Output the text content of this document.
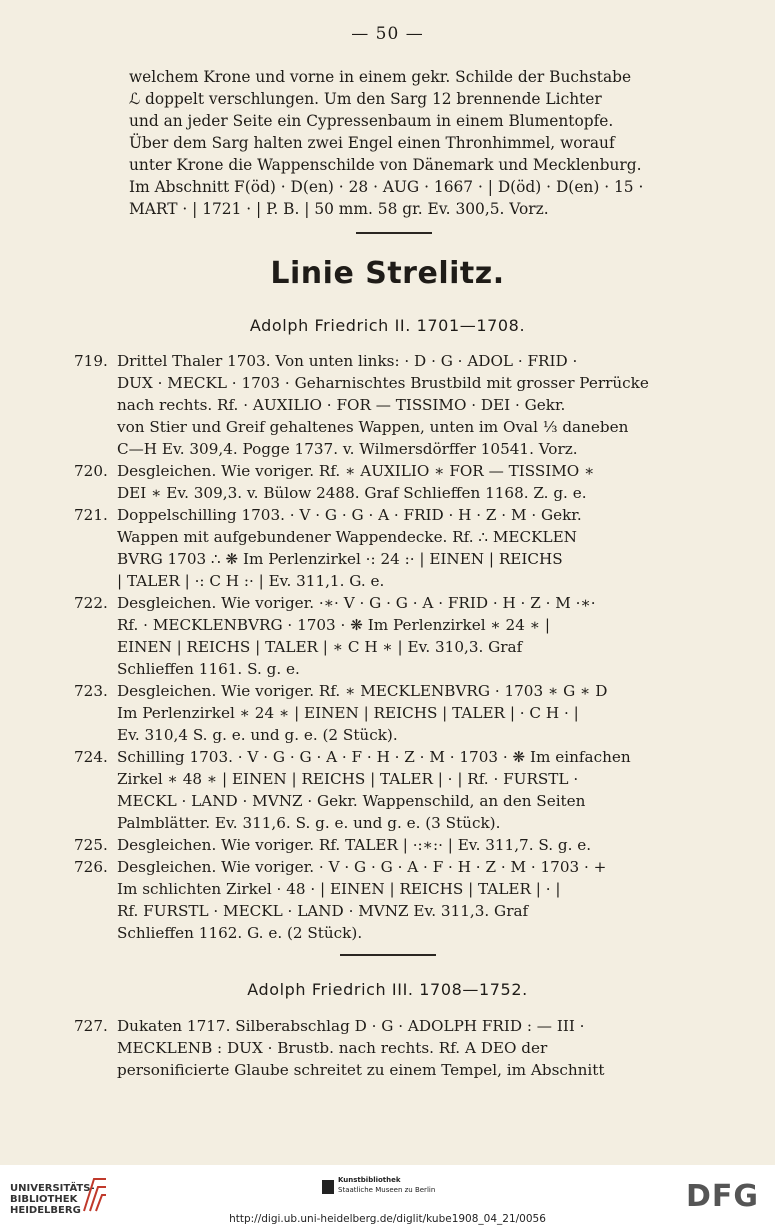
— 50 —
welchem Krone und vorne in einem gekr. Schilde der Buchstabe
ℒ doppelt verschlungen. Um den Sarg 12 brennende Lichter
und an jeder Seite ein Cypressenbaum in einem Blumentopfe.
Über dem Sarg halten zwei Engel einen Thronhimmel, worauf
unter Krone die Wappenschilde von Dänemark und Mecklenburg.
Im Abschnitt F(öd) · D(en) · 28 · AUG · 1667 · | D(öd) · D(en) · 15 ·
MART · | 1721 · | P. B. | 50 mm. 58 gr. Ev. 300,5. Vorz.
Linie Strelitz.
Adolph Friedrich II. 1701—1708.
719. Drittel Thaler 1703. Von unten links: · D · G · ADOL · FRID ·
DUX · MECKL · 1703 · Geharnischtes Brustbild mit grosser Perrücke
nach rechts. Rf. · AUXILIO · FOR — TISSIMO · DEI · Gekr.
von Stier und Greif gehaltenes Wappen, unten im Oval ⅓ daneben
C—H Ev. 309,4. Pogge 1737. v. Wilmersdörffer 10541. Vorz.
720. Desgleichen. Wie voriger. Rf. ∗ AUXILIO ∗ FOR — TISSIMO ∗
DEI ∗ Ev. 309,3. v. Bülow 2488. Graf Schlieffen 1168. Z. g. e.
721. Doppelschilling 1703. · V · G · G · A · FRID · H · Z · M · Gekr.
Wappen mit aufgebundener Wappendecke. Rf. ∴ MECKLEN
BVRG 1703 ∴ ❋ Im Perlenzirkel ·: 24 :· | EINEN | REICHS
| TALER | ·: C H :· | Ev. 311,1. G. e.
722. Desgleichen. Wie voriger. ·∗· V · G · G · A · FRID · H · Z · M ·∗·
Rf. · MECKLENBVRG · 1703 · ❋ Im Perlenzirkel ∗ 24 ∗ |
EINEN | REICHS | TALER | ∗ C H ∗ | Ev. 310,3. Graf
Schlieffen 1161. S. g. e.
723. Desgleichen. Wie voriger. Rf. ∗ MECKLENBVRG · 1703 ∗ G ∗ D
Im Perlenzirkel ∗ 24 ∗ | EINEN | REICHS | TALER | · C H · |
Ev. 310,4 S. g. e. und g. e. (2 Stück).
724. Schilling 1703. · V · G · G · A · F · H · Z · M · 1703 · ❋ Im einfachen
Zirkel ∗ 48 ∗ | EINEN | REICHS | TALER | · | Rf. · FURSTL ·
MECKL · LAND · MVNZ · Gekr. Wappenschild, an den Seiten
Palmblätter. Ev. 311,6. S. g. e. und g. e. (3 Stück).
725. Desgleichen. Wie voriger. Rf. TALER | ·:∗:· | Ev. 311,7. S. g. e.
726. Desgleichen. Wie voriger. · V · G · G · A · F · H · Z · M · 1703 · +
Im schlichten Zirkel · 48 · | EINEN | REICHS | TALER | · |
Rf. FURSTL · MECKL · LAND · MVNZ Ev. 311,3. Graf
Schlieffen 1162. G. e. (2 Stück).
Adolph Friedrich III. 1708—1752.
727. Dukaten 1717. Silberabschlag D · G · ADOLPH FRID : — III ·
MECKLENB : DUX · Brustb. nach rechts. Rf. A DEO der
personificierte Glaube schreitet zu einem Tempel, im Abschnitt
UNIVERSITÄTS-
BIBLIOTHEK
HEIDELBERG
Kunstbibliothek
Staatliche Museen zu Berlin	DFG
http://digi.ub.uni-heidelberg.de/diglit/kube1908_04_21/0056
